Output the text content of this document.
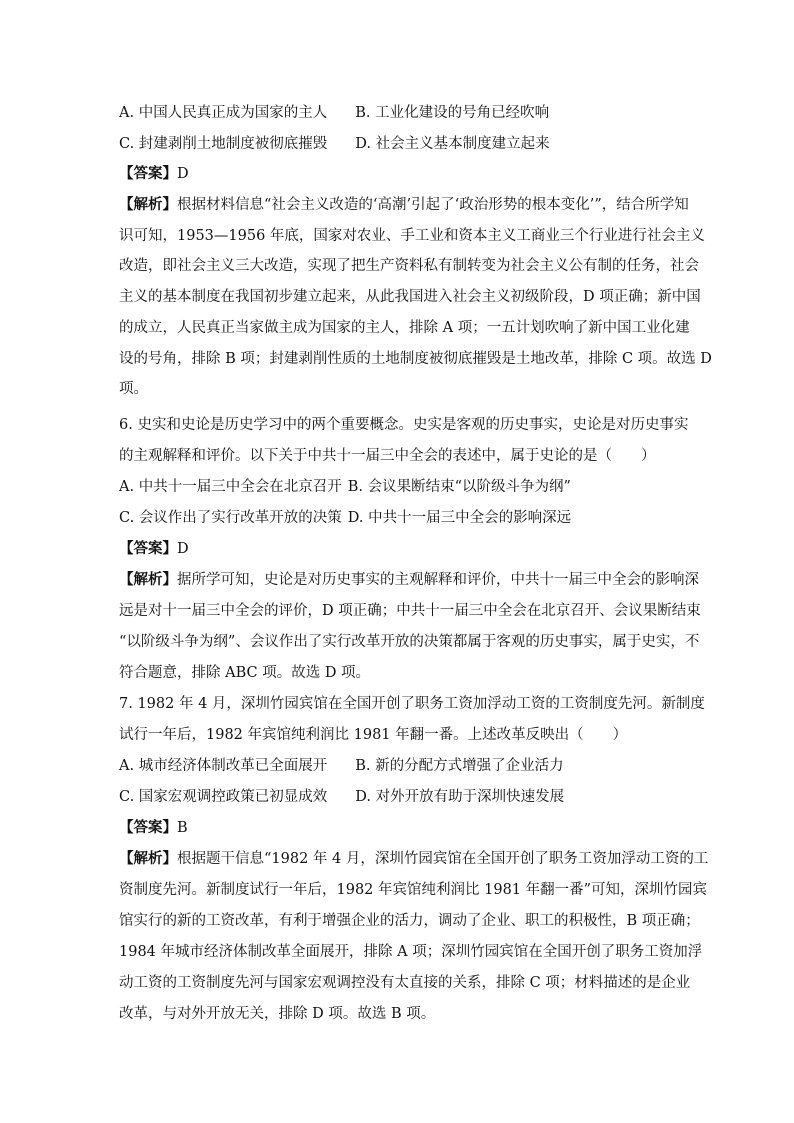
A. 中国人民真正成为国家的主人 B. 工业化建设的号角已经吹响
C. 封建剥削土地制度被彻底摧毁 D. 社会主义基本制度建立起来
【答案】D
【解析】根据材料信息“社会主义改造的‘高潮’引起了‘政治形势的根本变化’”，结合所学知
识可知，1953—1956 年底，国家对农业、手工业和资本主义工商业三个行业进行社会主义
改造，即社会主义三大改造，实现了把生产资料私有制转变为社会主义公有制的任务，社会
主义的基本制度在我国初步建立起来，从此我国进入社会主义初级阶段，D 项正确；新中国
的成立，人民真正当家做主成为国家的主人，排除 A 项；一五计划吹响了新中国工业化建
设的号角，排除 B 项；封建剥削性质的土地制度被彻底摧毁是土地改革，排除 C 项。故选 D
项。
6. 史实和史论是历史学习中的两个重要概念。史实是客观的历史事实，史论是对历史事实
的主观解释和评价。以下关于中共十一届三中全会的表述中，属于史论的是（　　）
A. 中共十一届三中全会在北京召开 B. 会议果断结束“以阶级斗争为纲”
C. 会议作出了实行改革开放的决策 D. 中共十一届三中全会的影响深远
【答案】D
【解析】据所学可知，史论是对历史事实的主观解释和评价，中共十一届三中全会的影响深
远是对十一届三中全会的评价，D 项正确；中共十一届三中全会在北京召开、会议果断结束
“以阶级斗争为纲”、会议作出了实行改革开放的决策都属于客观的历史事实，属于史实，不
符合题意，排除 ABC 项。故选 D 项。
7. 1982 年 4 月，深圳竹园宾馆在全国开创了职务工资加浮动工资的工资制度先河。新制度
试行一年后，1982 年宾馆纯利润比 1981 年翻一番。上述改革反映出（　　）
A. 城市经济体制改革已全面展开 B. 新的分配方式增强了企业活力
C. 国家宏观调控政策已初显成效 D. 对外开放有助于深圳快速发展
【答案】B
【解析】根据题干信息“1982 年 4 月，深圳竹园宾馆在全国开创了职务工资加浮动工资的工
资制度先河。新制度试行一年后，1982 年宾馆纯利润比 1981 年翻一番”可知，深圳竹园宾
馆实行的新的工资改革，有利于增强企业的活力，调动了企业、职工的积极性，B 项正确；
1984 年城市经济体制改革全面展开，排除 A 项；深圳竹园宾馆在全国开创了职务工资加浮
动工资的工资制度先河与国家宏观调控没有太直接的关系，排除 C 项；材料描述的是企业
改革，与对外开放无关，排除 D 项。故选 B 项。
